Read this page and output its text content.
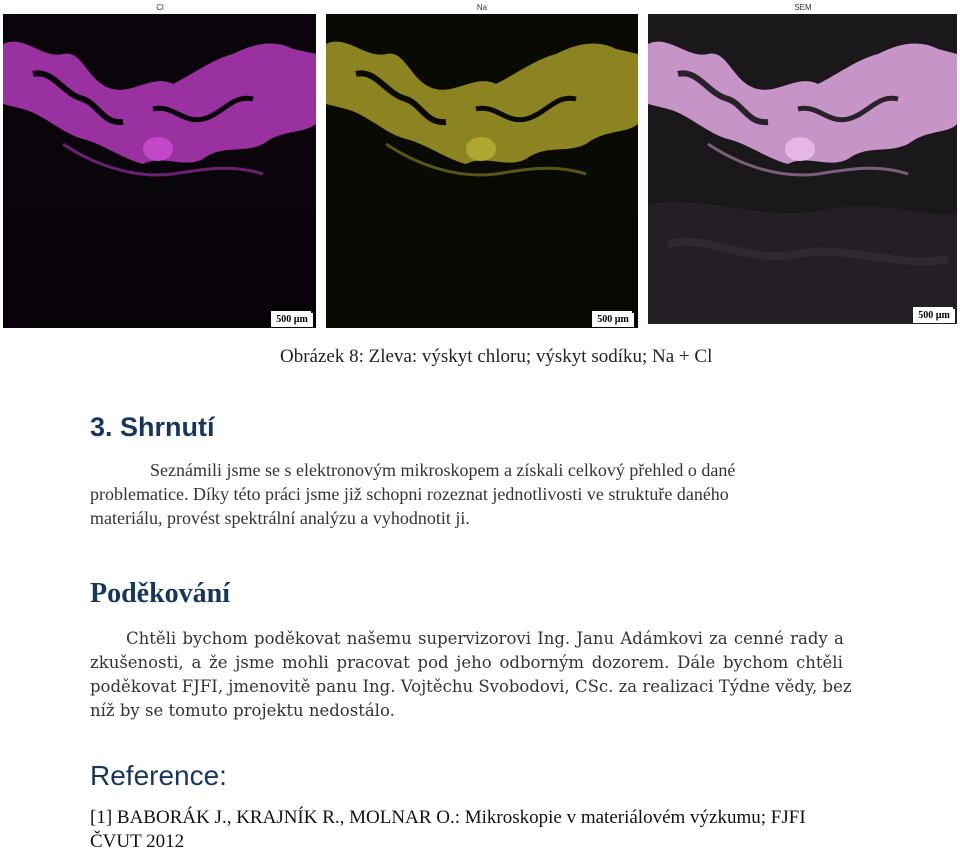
Cl	Na	SEM
500 µm	500 µm	500 µm
Obrázek 8: Zleva: výskyt chloru; výskyt sodíku; Na + Cl
3. Shrnutí
Seznámili jsme se s elektronovým mikroskopem a získali celkový přehled o dané
problematice. Díky této práci jsme již schopni rozeznat jednotlivosti ve struktuře daného
materiálu, provést spektrální analýzu a vyhodnotit ji.
Poděkování
Chtěli bychom poděkovat našemu supervizorovi Ing. Janu Adámkovi za cenné rady a
zkušenosti, a že jsme mohli pracovat pod jeho odborným dozorem. Dále bychom chtěli
poděkovat FJFI, jmenovitě panu Ing. Vojtěchu Svobodovi, CSc. za realizaci Týdne vědy, bez
níž by se tomuto projektu nedostálo.
Reference:
[1] BABORÁK J., KRAJNÍK R., MOLNAR O.: Mikroskopie v materiálovém výzkumu; FJFI
ČVUT 2012
